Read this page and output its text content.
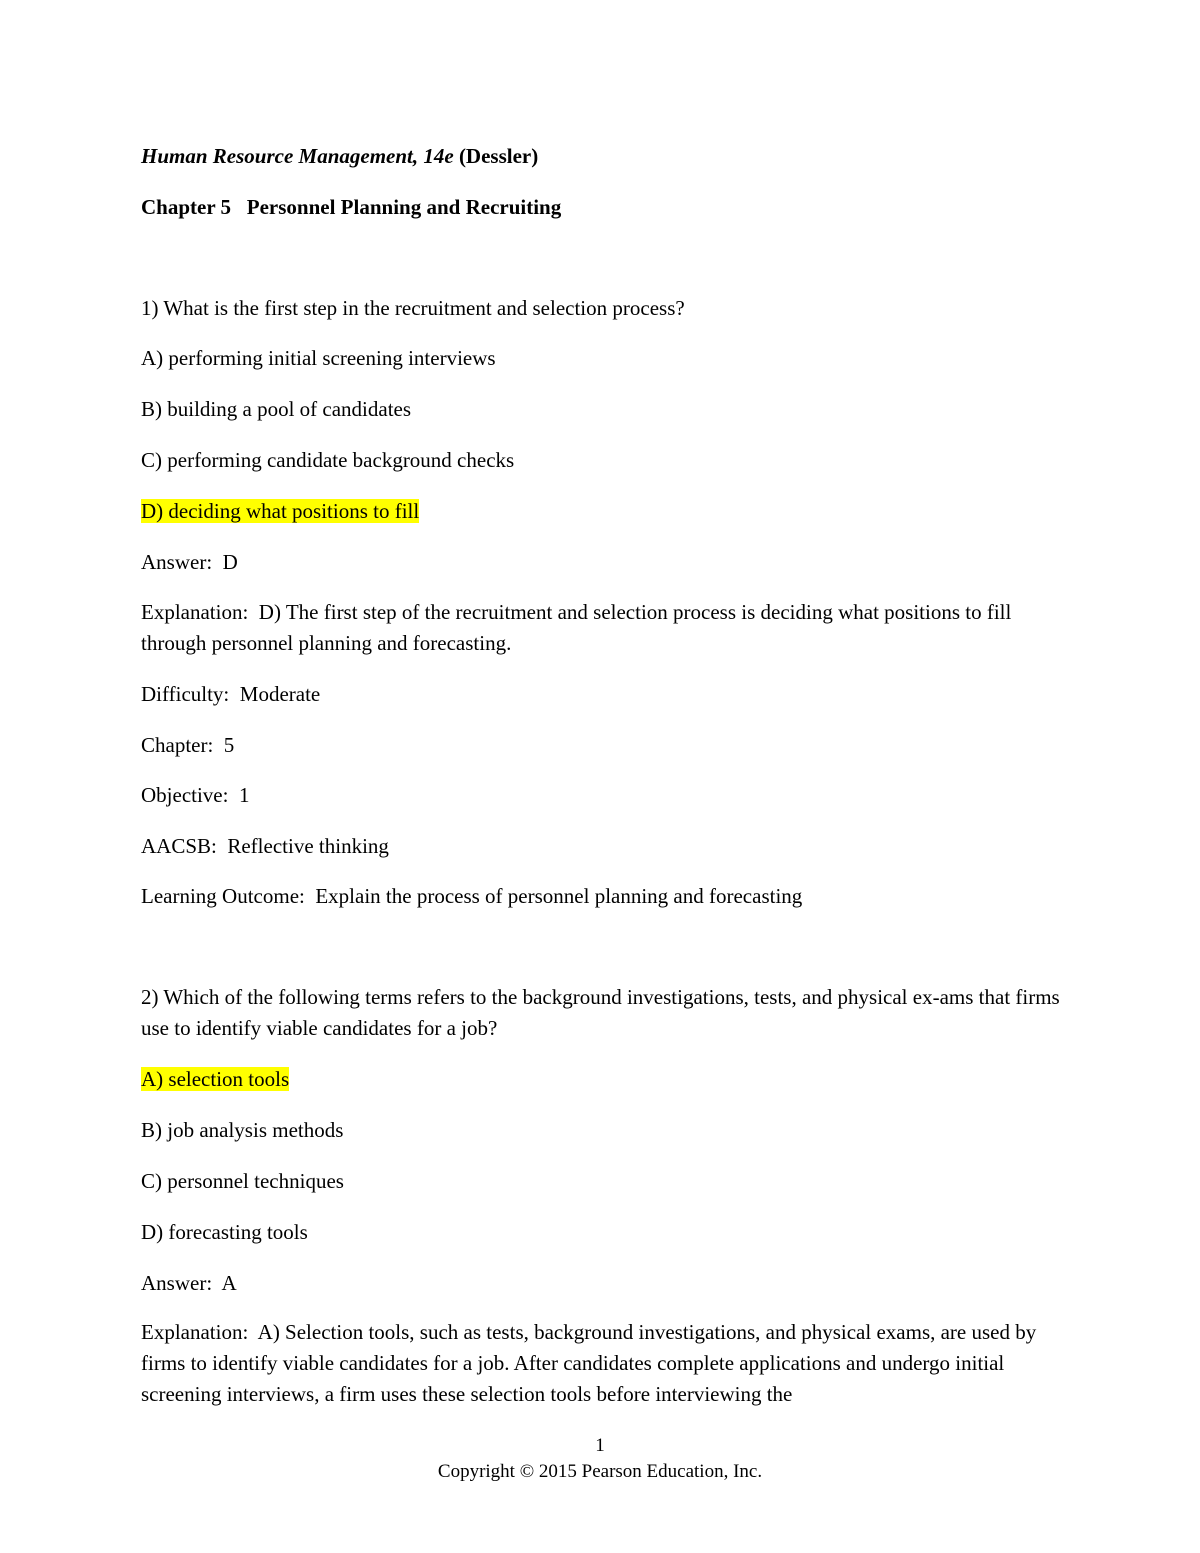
Human Resource Management, 14e (Dessler)
Chapter 5   Personnel Planning and Recruiting
1) What is the first step in the recruitment and selection process?
A) performing initial screening interviews
B) building a pool of candidates
C) performing candidate background checks
D) deciding what positions to fill
Answer:  D
Explanation:  D) The first step of the recruitment and selection process is deciding what positions to fill through personnel planning and forecasting.
Difficulty:  Moderate
Chapter:  5
Objective:  1
AACSB:  Reflective thinking
Learning Outcome:  Explain the process of personnel planning and forecasting
2) Which of the following terms refers to the background investigations, tests, and physical ex-ams that firms use to identify viable candidates for a job?
A) selection tools
B) job analysis methods
C) personnel techniques
D) forecasting tools
Answer:  A
Explanation:  A) Selection tools, such as tests, background investigations, and physical exams, are used by firms to identify viable candidates for a job. After candidates complete applications and undergo initial screening interviews, a firm uses these selection tools before interviewing the
1
Copyright © 2015 Pearson Education, Inc.
